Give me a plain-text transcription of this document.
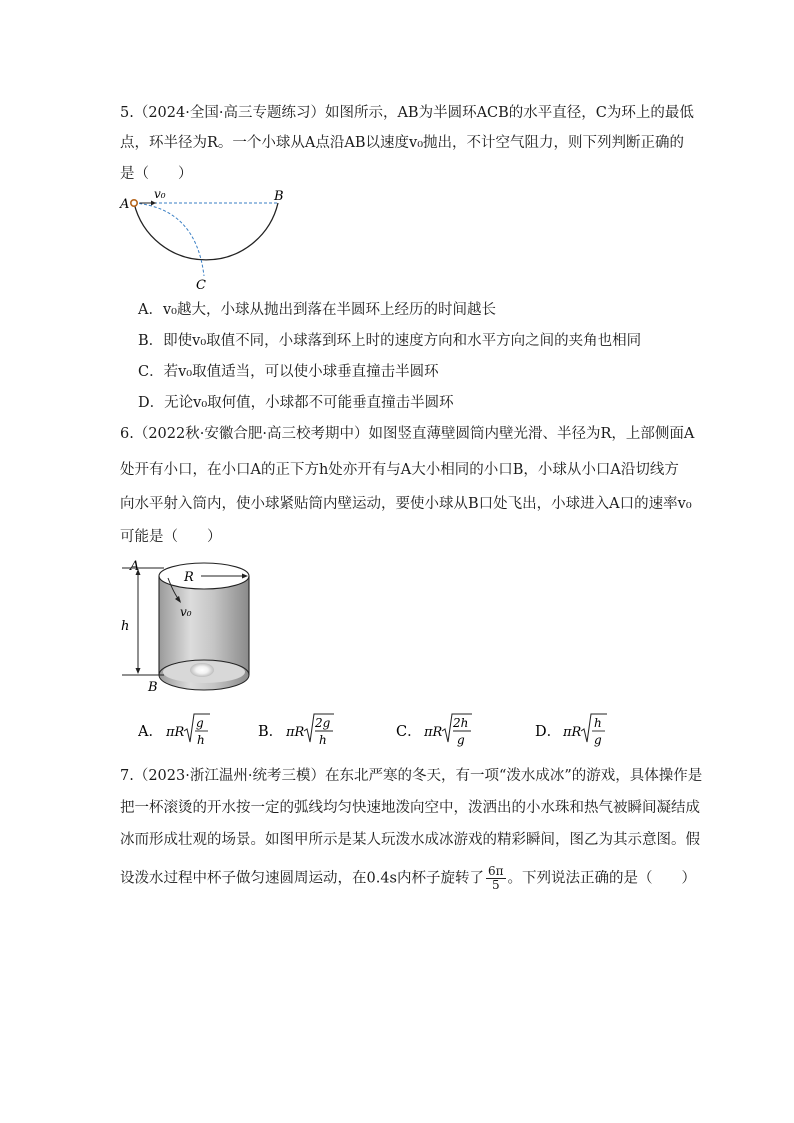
5.（2024·全国·高三专题练习）如图所示，AB为半圆环ACB的水平直径，C为环上的最低
点，环半径为R。一个小球从A点沿AB以速度v₀抛出，不计空气阻力，则下列判断正确的
是（　　）
A
B
C
v₀
A．v₀越大，小球从抛出到落在半圆环上经历的时间越长
B．即使v₀取值不同，小球落到环上时的速度方向和水平方向之间的夹角也相同
C．若v₀取值适当，可以使小球垂直撞击半圆环
D．无论v₀取何值，小球都不可能垂直撞击半圆环
6.（2022秋·安徽合肥·高三校考期中）如图竖直薄壁圆筒内壁光滑、半径为R，上部侧面A
处开有小口，在小口A的正下方h处亦开有与A大小相同的小口B，小球从小口A沿切线方
向水平射入筒内，使小球紧贴筒内壁运动，要使小球从B口处飞出，小球进入A口的速率v₀
可能是（　　）
A
B
h
R
v₀
A． πR
g
h	B． πR
2g
h	C． πR
2h
g	D． πR
h
g
7.（2023·浙江温州·统考三模）在东北严寒的冬天，有一项“泼水成冰”的游戏，具体操作是
把一杯滚烫的开水按一定的弧线均匀快速地泼向空中，泼洒出的小水珠和热气被瞬间凝结成
冰而形成壮观的场景。如图甲所示是某人玩泼水成冰游戏的精彩瞬间，图乙为其示意图。假
设泼水过程中杯子做匀速圆周运动，在0.4s内杯子旋转了 $\frac{6\pi}{5}$ 。下列说法正确的是（　　）
